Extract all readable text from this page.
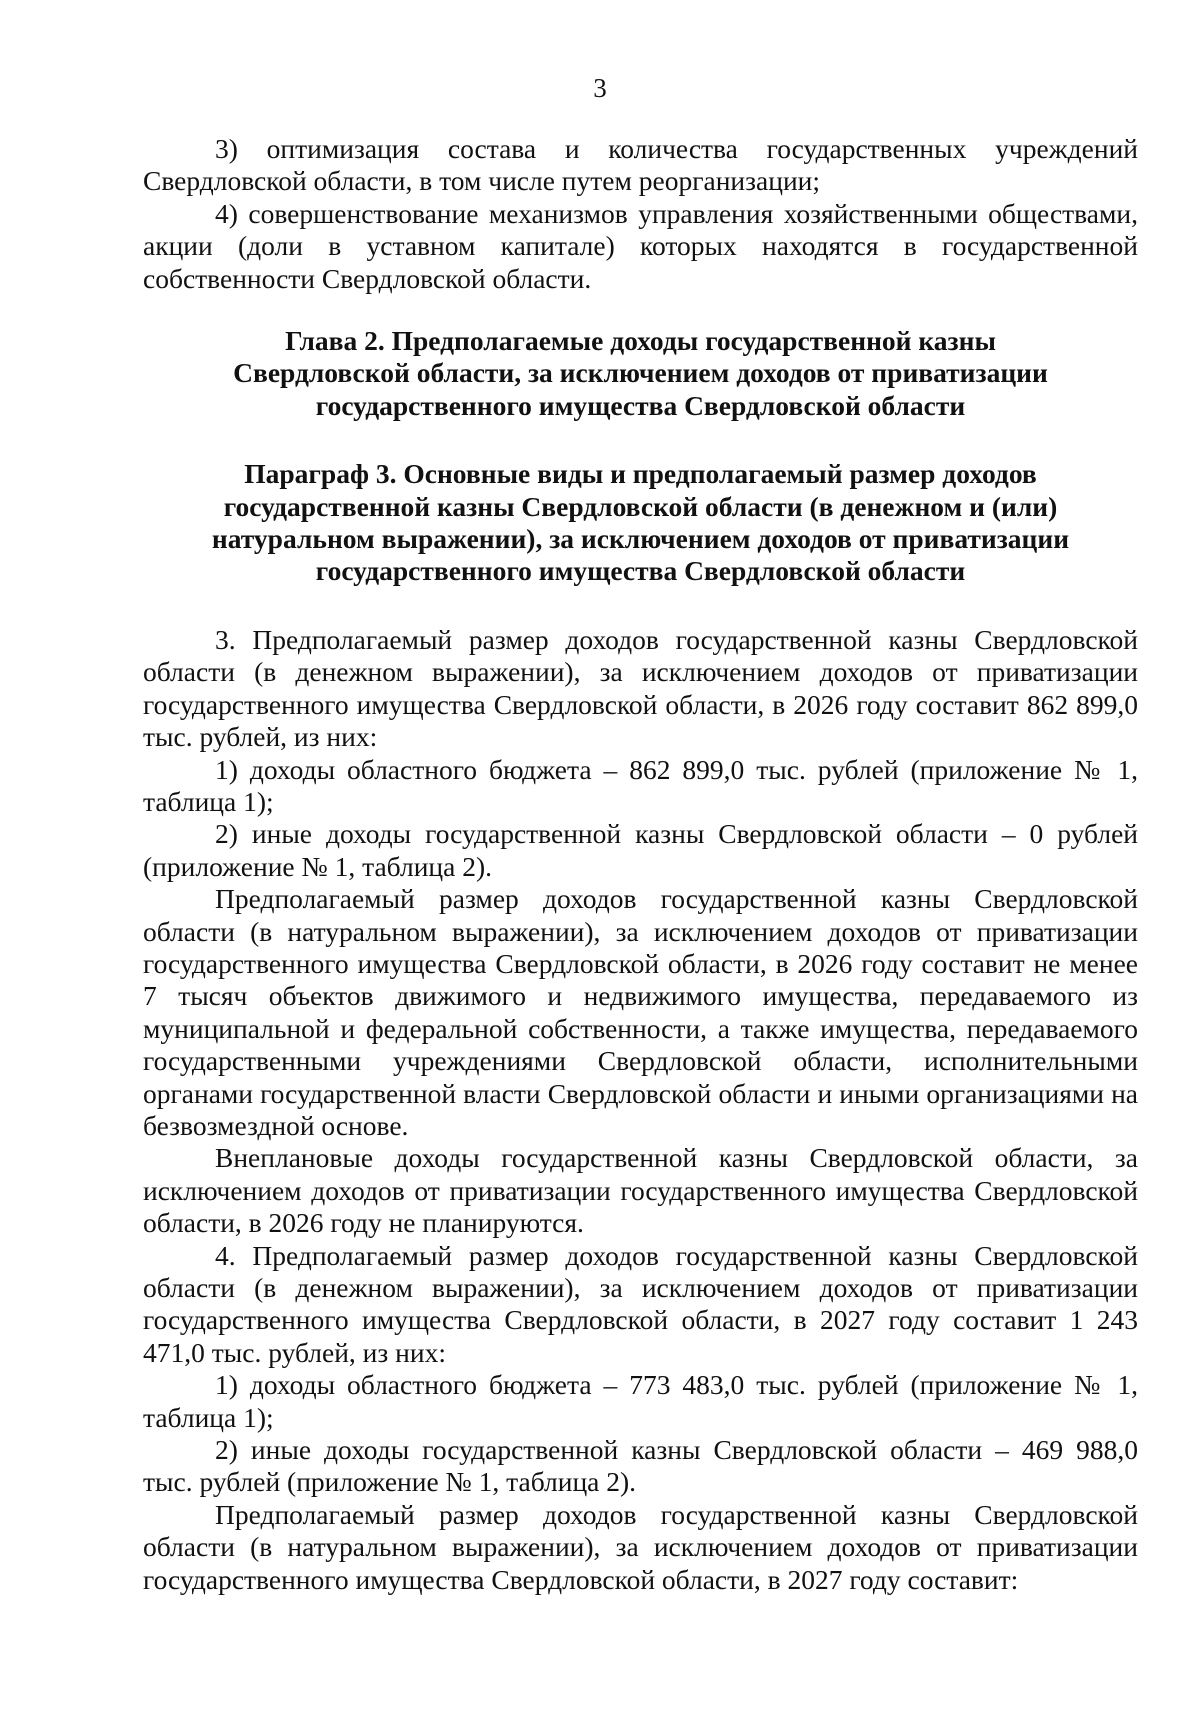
3

3) оптимизация состава и количества государственных учреждений Свердловской области, в том числе путем реорганизации;

4) совершенствование механизмов управления хозяйственными обществами, акции (доли в уставном капитале) которых находятся в государственной собственности Свердловской области.

Глава 2. Предполагаемые доходы государственной казны
Свердловской области, за исключением доходов от приватизации
государственного имущества Свердловской области
Параграф 3. Основные виды и предполагаемый размер доходов
государственной казны Свердловской области (в денежном и (или)
натуральном выражении), за исключением доходов от приватизации
государственного имущества Свердловской области

3. Предполагаемый размер доходов государственной казны Свердловской области (в денежном выражении), за исключением доходов от приватизации государственного имущества Свердловской области, в 2026 году составит 862 899,0 тыс. рублей, из них:

1) доходы областного бюджета – 862 899,0 тыс. рублей (приложение № 1, таблица 1);

2) иные доходы государственной казны Свердловской области – 0 рублей (приложение № 1, таблица 2).

Предполагаемый размер доходов государственной казны Свердловской области (в натуральном выражении), за исключением доходов от приватизации государственного имущества Свердловской области, в 2026 году составит не менее 7 тысяч объектов движимого и недвижимого имущества, передаваемого из муниципальной и федеральной собственности, а также имущества, передаваемого государственными учреждениями Свердловской области, исполнительными органами государственной власти Свердловской области и иными организациями на безвозмездной основе.

Внеплановые доходы государственной казны Свердловской области, за исключением доходов от приватизации государственного имущества Свердловской области, в 2026 году не планируются.

4. Предполагаемый размер доходов государственной казны Свердловской области (в денежном выражении), за исключением доходов от приватизации государственного имущества Свердловской области, в 2027 году составит 1 243 471,0 тыс. рублей, из них:

1) доходы областного бюджета – 773 483,0 тыс. рублей (приложение № 1, таблица 1);

2) иные доходы государственной казны Свердловской области – 469 988,0 тыс. рублей (приложение № 1, таблица 2).

Предполагаемый размер доходов государственной казны Свердловской области (в натуральном выражении), за исключением доходов от приватизации государственного имущества Свердловской области, в 2027 году составит:
